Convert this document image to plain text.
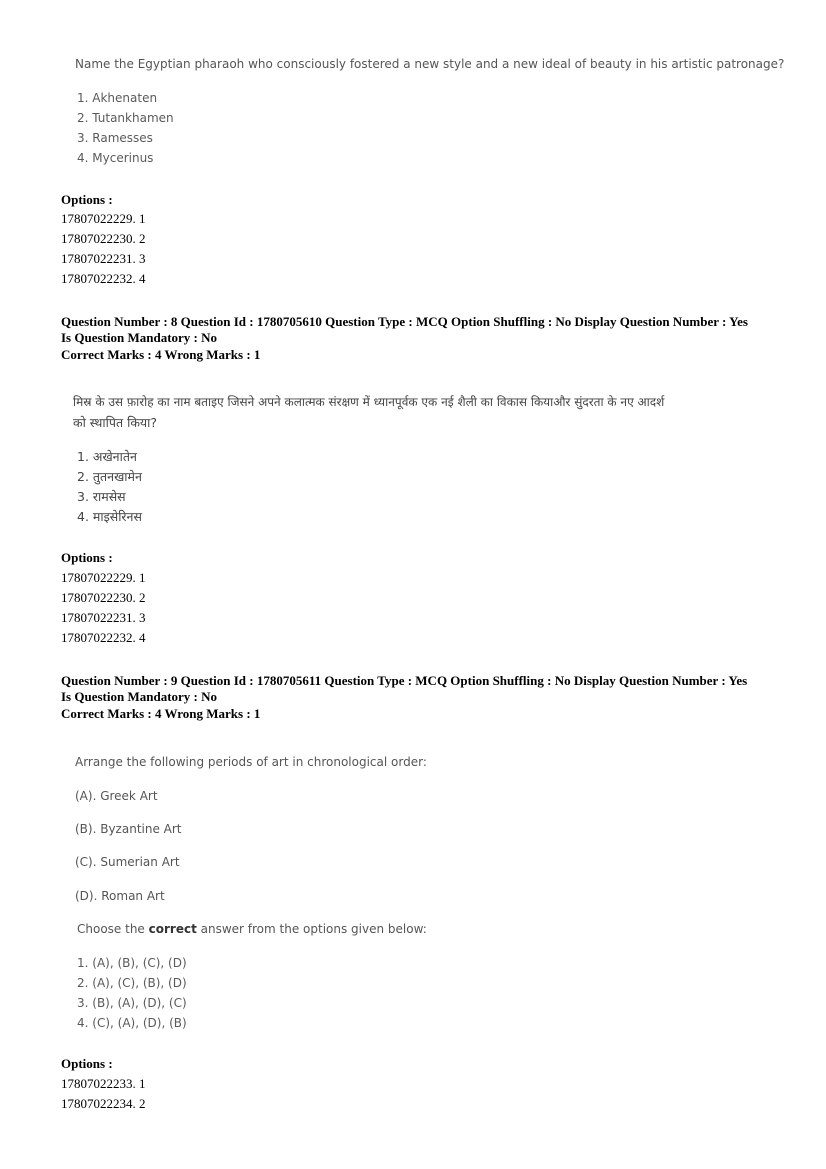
Name the Egyptian pharaoh who consciously fostered a new style and a new ideal of beauty in his artistic patronage?
1. Akhenaten
2. Tutankhamen
3. Ramesses
4. Mycerinus
Options :
17807022229. 1
17807022230. 2
17807022231. 3
17807022232. 4
Question Number : 8 Question Id : 1780705610 Question Type : MCQ Option Shuffling : No Display Question Number : Yes
Is Question Mandatory : No
Correct Marks : 4 Wrong Marks : 1
मिस्र के उस फ़ारोह का नाम बताइए जिसने अपने कलात्मक संरक्षण में ध्यानपूर्वक एक नई शैली का विकास कियाऔर सुंदरता के नए आदर्श
को स्थापित किया?
1. अखेनातेन
2. तुतनखामेन
3. रामसेस
4. माइसेरिनस
Options :
17807022229. 1
17807022230. 2
17807022231. 3
17807022232. 4
Question Number : 9 Question Id : 1780705611 Question Type : MCQ Option Shuffling : No Display Question Number : Yes
Is Question Mandatory : No
Correct Marks : 4 Wrong Marks : 1
Arrange the following periods of art in chronological order:
(A). Greek Art
(B). Byzantine Art
(C). Sumerian Art
(D). Roman Art
Choose the correct answer from the options given below:
1. (A), (B), (C), (D)
2. (A), (C), (B), (D)
3. (B), (A), (D), (C)
4. (C), (A), (D), (B)
Options :
17807022233. 1
17807022234. 2
